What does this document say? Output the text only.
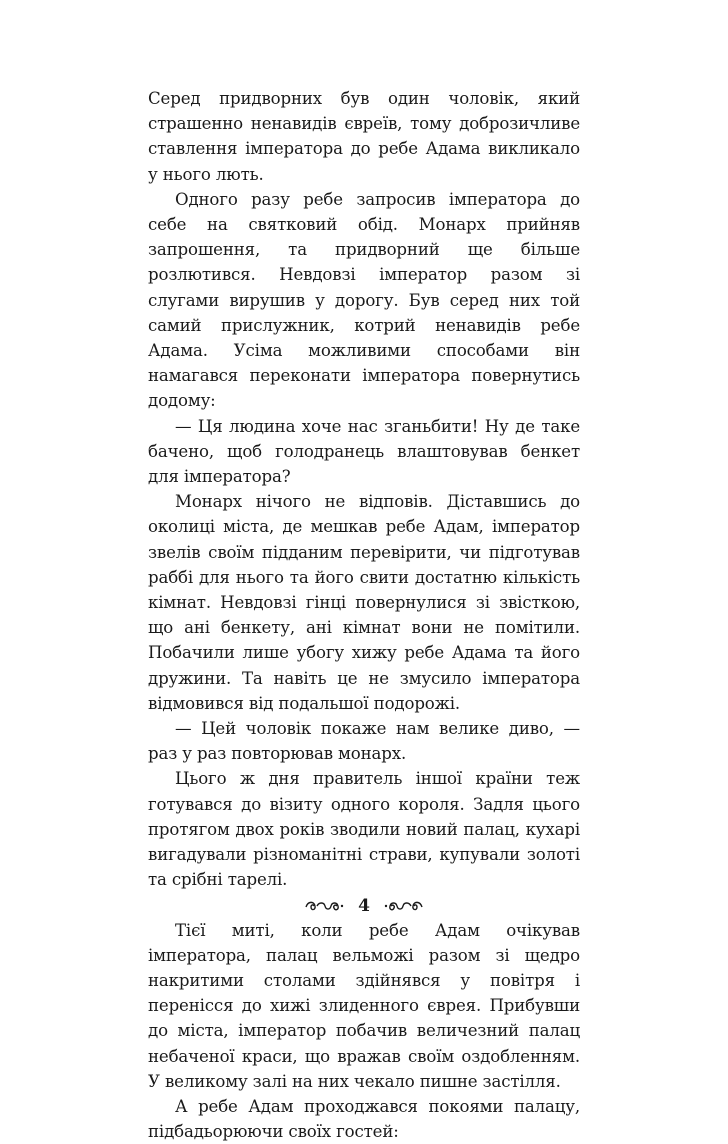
Серед придворних був один чоловік, який страшенно ненавидів євреїв, тому доброзичливе ставлення імператора до ребе Адама викликало у нього лють.

Одного разу ребе запросив імператора до себе на святковий обід. Монарх прийняв запрошення, та придворний ще більше розлютився. Невдовзі імператор разом зі слугами вирушив у дорогу. Був серед них той самий прислужник, котрий ненавидів ребе Адама. Усіма можливими способами він намагався переконати імператора повернутись додому:

— Ця людина хоче нас зганьбити! Ну де таке бачено, щоб голодранець влаштовував бенкет для імператора?

Монарх нічого не відповів. Діставшись до околиці міста, де мешкав ребе Адам, імператор звелів своїм підданим перевірити, чи підготував раббі для нього та його свити достатню кількість кімнат. Невдовзі гінці повернулися зі звісткою, що ані бенкету, ані кімнат вони не помітили. Побачили лише убогу хижу ребе Адама та його дружини. Та навіть це не змусило імператора відмовився від подальшої подорожі.

— Цей чоловік покаже нам велике диво, — раз у раз повторював монарх.

Цього ж дня правитель іншої країни теж готувався до візиту одного короля. Задля цього протягом двох років зводили новий палац, кухарі вигадували різноманітні страви, купували золоті та срібні тарелі.

Тієї миті, коли ребе Адам очікував імператора, палац вельможі разом зі щедро накритими столами здійнявся у повітря і перенісся до хижі злиденного єврея. Прибувши до міста, імператор побачив величезний палац небаченої краси, що вражав своїм оздобленням. У великому залі на них чекало пишне застілля.

А ребе Адам проходжався покоями палацу, підбадьорюючи своїх гостей:

4
